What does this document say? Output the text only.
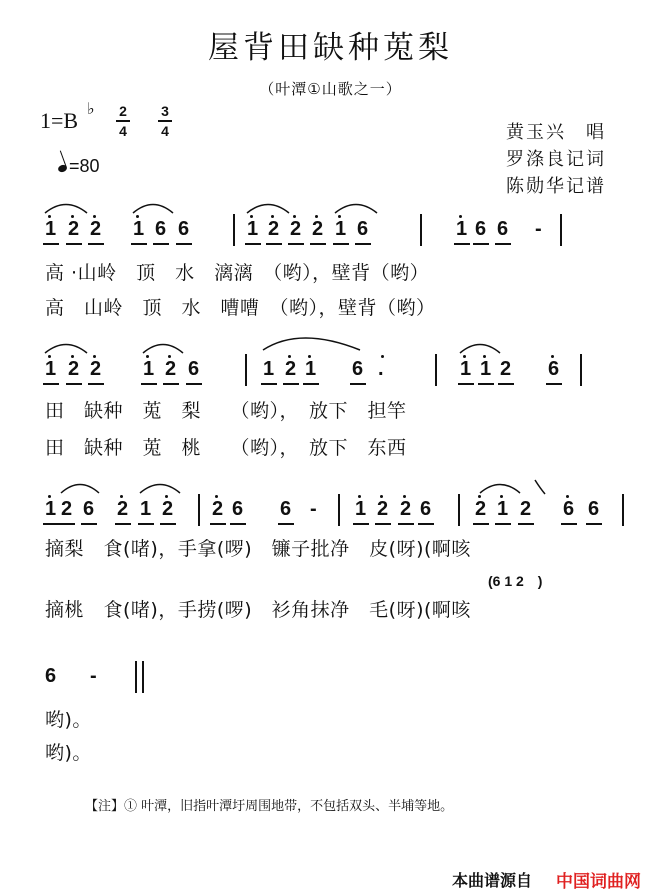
屋背田缺种莵梨
（叶潭①山歌之一）
1=B ♭ 2
4
3
4
=80
黄玉兴　唱
罗涤良记词
陈勋华记谱
1 2 2 1 6 6	1 2 2 2 1 6	1 6 6 -
高 ·山岭　顶　水　漓漓　（哟），壁背（哟）
高　山岭　顶　水　嘈嘈　（哟），壁背（哟）
1 2 2 1 2 6	1 2 1 6 .	1 1 2 6
田　缺种　莵　梨　　（哟），　放下　担竿
田　缺种　莵　桃　　（哟），　放下　东西
1 2 6 2 1 2 2 6 6 - 1 2 2 6 2 1 2 6 6
摘梨　食(啫)，手拿(啰)　镰子批净　皮(呀)(啊咳
(6 1 2　)
摘桃　食(啫)，手捞(啰)　衫角抹净　毛(呀)(啊咳
6 -
哟)。
哟)。
【注】① 叶潭，旧指叶潭圩周围地带，不包括双头、半埔等地。
本曲谱源自 中国词曲网
